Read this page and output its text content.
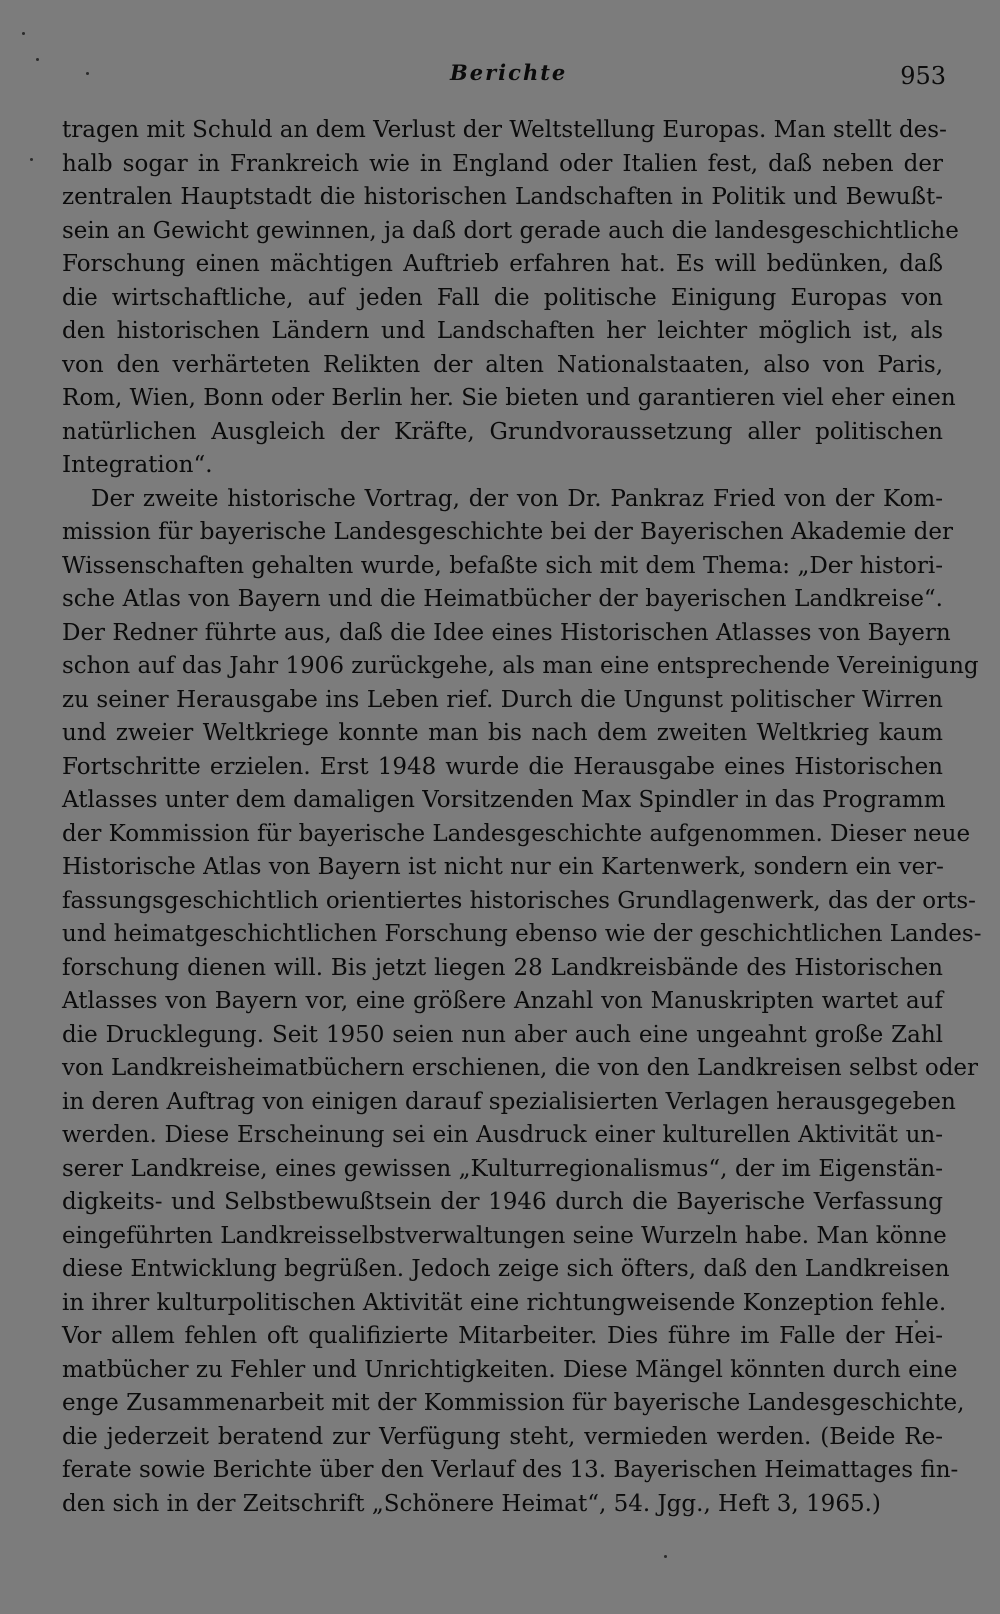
Berichte	953
tragen mit Schuld an dem Verlust der Weltstellung Europas. Man stellt des-
halb sogar in Frankreich wie in England oder Italien fest, daß neben der
zentralen Hauptstadt die historischen Landschaften in Politik und Bewußt-
sein an Gewicht gewinnen, ja daß dort gerade auch die landesgeschichtliche
Forschung einen mächtigen Auftrieb erfahren hat. Es will bedünken, daß
die wirtschaftliche, auf jeden Fall die politische Einigung Europas von
den historischen Ländern und Landschaften her leichter möglich ist, als
von den verhärteten Relikten der alten Nationalstaaten, also von Paris,
Rom, Wien, Bonn oder Berlin her. Sie bieten und garantieren viel eher einen
natürlichen Ausgleich der Kräfte, Grundvoraussetzung aller politischen
Integration“.
Der zweite historische Vortrag, der von Dr. Pankraz Fried von der Kom-
mission für bayerische Landesgeschichte bei der Bayerischen Akademie der
Wissenschaften gehalten wurde, befaßte sich mit dem Thema: „Der histori-
sche Atlas von Bayern und die Heimatbücher der bayerischen Landkreise“.
Der Redner führte aus, daß die Idee eines Historischen Atlasses von Bayern
schon auf das Jahr 1906 zurückgehe, als man eine entsprechende Vereinigung
zu seiner Herausgabe ins Leben rief. Durch die Ungunst politischer Wirren
und zweier Weltkriege konnte man bis nach dem zweiten Weltkrieg kaum
Fortschritte erzielen. Erst 1948 wurde die Herausgabe eines Historischen
Atlasses unter dem damaligen Vorsitzenden Max Spindler in das Programm
der Kommission für bayerische Landesgeschichte aufgenommen. Dieser neue
Historische Atlas von Bayern ist nicht nur ein Kartenwerk, sondern ein ver-
fassungsgeschichtlich orientiertes historisches Grundlagenwerk, das der orts-
und heimatgeschichtlichen Forschung ebenso wie der geschichtlichen Landes-
forschung dienen will. Bis jetzt liegen 28 Landkreisbände des Historischen
Atlasses von Bayern vor, eine größere Anzahl von Manuskripten wartet auf
die Drucklegung. Seit 1950 seien nun aber auch eine ungeahnt große Zahl
von Landkreisheimatbüchern erschienen, die von den Landkreisen selbst oder
in deren Auftrag von einigen darauf spezialisierten Verlagen herausgegeben
werden. Diese Erscheinung sei ein Ausdruck einer kulturellen Aktivität un-
serer Landkreise, eines gewissen „Kulturregionalismus“, der im Eigenstän-
digkeits- und Selbstbewußtsein der 1946 durch die Bayerische Verfassung
eingeführten Landkreisselbstverwaltungen seine Wurzeln habe. Man könne
diese Entwicklung begrüßen. Jedoch zeige sich öfters, daß den Landkreisen
in ihrer kulturpolitischen Aktivität eine richtungweisende Konzeption fehle.
Vor allem fehlen oft qualifizierte Mitarbeiter. Dies führe im Falle der Hei-
matbücher zu Fehler und Unrichtigkeiten. Diese Mängel könnten durch eine
enge Zusammenarbeit mit der Kommission für bayerische Landesgeschichte,
die jederzeit beratend zur Verfügung steht, vermieden werden. (Beide Re-
ferate sowie Berichte über den Verlauf des 13. Bayerischen Heimattages fin-
den sich in der Zeitschrift „Schönere Heimat“, 54. Jgg., Heft 3, 1965.)
